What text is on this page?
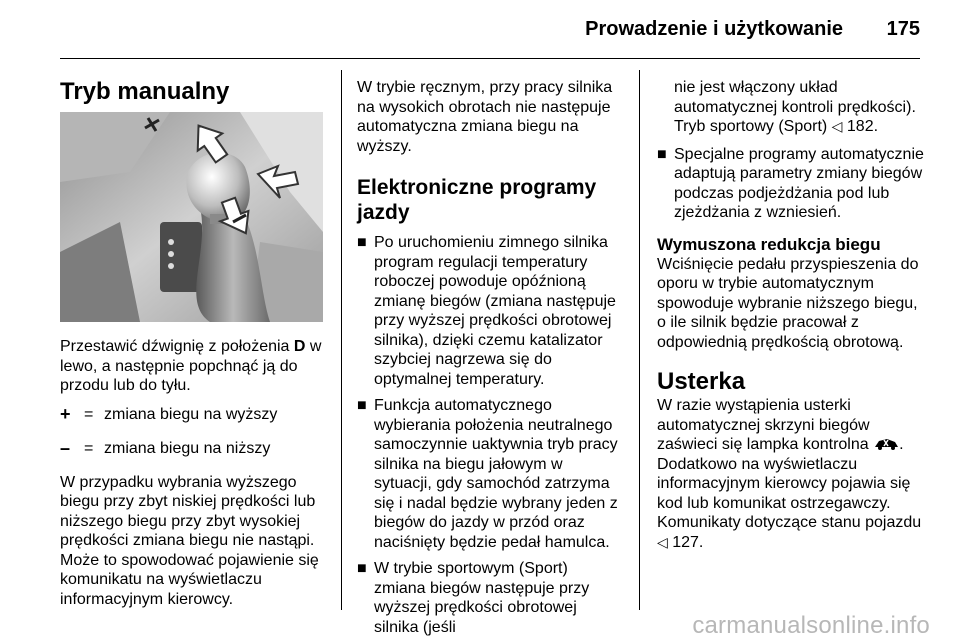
Prowadzenie i użytkowanie 175
Tryb manualny

Przestawić dźwignię z położenia D w lewo, a następnie popchnąć ją do przodu lub do tyłu.

+ = zmiana biegu na wyższy
– = zmiana biegu na niższy

W przypadku wybrania wyższego biegu przy zbyt niskiej prędkości lub niższego biegu przy zbyt wysokiej prędkości zmiana biegu nie nastąpi. Może to spowodować pojawienie się komunikatu na wyświetlaczu informacyjnym kierowcy.

W trybie ręcznym, przy pracy silnika na wysokich obrotach nie następuje automatyczna zmiana biegu na wyższy.

Elektroniczne programy jazdy
■ Po uruchomieniu zimnego silnika program regulacji temperatury roboczej powoduje opóźnioną zmianę biegów (zmiana następuje przy wyższej prędkości obrotowej silnika), dzięki czemu katalizator szybciej nagrzewa się do optymalnej temperatury.
■ Funkcja automatycznego wybierania położenia neutralnego samoczynnie uaktywnia tryb pracy silnika na biegu jałowym w sytuacji, gdy samochód zatrzyma się i nadal będzie wybrany jeden z biegów do jazdy w przód oraz naciśnięty będzie pedał hamulca.
■ W trybie sportowym (Sport) zmiana biegów następuje przy wyższej prędkości obrotowej silnika (jeśli

nie jest włączony układ automatycznej kontroli prędkości). Tryb sportowy (Sport) ◁ 182.

■ Specjalne programy automatycznie adaptują parametry zmiany biegów podczas podjeżdżania pod lub zjeżdżania z wzniesień.
Wymuszona redukcja biegu

Wciśnięcie pedału przyspieszenia do oporu w trybie automatycznym spowoduje wybranie niższego biegu, o ile silnik będzie pracował z odpowiednią prędkością obrotową.

Usterka

W razie wystąpienia usterki automatycznej skrzyni biegów zaświeci się lampka kontrolna . Dodatkowo na wyświetlaczu informacyjnym kierowcy pojawia się kod lub komunikat ostrzegawczy. Komunikaty dotyczące stanu pojazdu ◁ 127.

carmanualsonline.info
